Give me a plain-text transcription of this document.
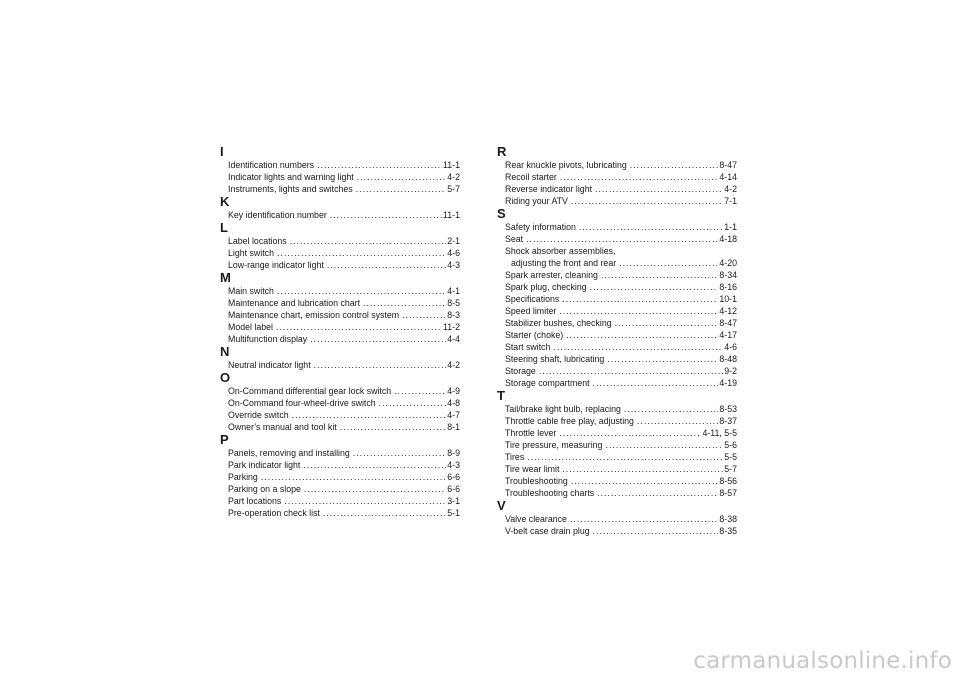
I
Identification numbers .....	11-1
Indicator lights and warning light .....	4-2
Instruments, lights and switches .....	5-7
K
Key identification number .....	11-1
L
Label locations .....	2-1
Light switch .....	4-6
Low-range indicator light .....	4-3
M
Main switch .....	4-1
Maintenance and lubrication chart .....	8-5
Maintenance chart, emission control system .....	8-3
Model label .....	11-2
Multifunction display .....	4-4
N
Neutral indicator light .....	4-2
O
On-Command differential gear lock switch .....	4-9
On-Command four-wheel-drive switch .....	4-8
Override switch .....	4-7
Owner’s manual and tool kit .....	8-1
P
Panels, removing and installing .....	8-9
Park indicator light .....	4-3
Parking .....	6-6
Parking on a slope .....	6-6
Part locations .....	3-1
Pre-operation check list .....	5-1
R
Rear knuckle pivots, lubricating .....	8-47
Recoil starter .....	4-14
Reverse indicator light .....	4-2
Riding your ATV .....	7-1
S
Safety information .....	1-1
Seat .....	4-18
Shock absorber assemblies,
adjusting the front and rear .....	4-20
Spark arrester, cleaning .....	8-34
Spark plug, checking .....	8-16
Specifications .....	10-1
Speed limiter .....	4-12
Stabilizer bushes, checking .....	8-47
Starter (choke) .....	4-17
Start switch .....	4-6
Steering shaft, lubricating .....	8-48
Storage .....	9-2
Storage compartment .....	4-19
T
Tail/brake light bulb, replacing .....	8-53
Throttle cable free play, adjusting .....	8-37
Throttle lever .....	4-11, 5-5
Tire pressure, measuring .....	5-6
Tires .....	5-5
Tire wear limit .....	5-7
Troubleshooting .....	8-56
Troubleshooting charts .....	8-57
V
Valve clearance .....	8-38
V-belt case drain plug .....	8-35
carmanualsonline.info
